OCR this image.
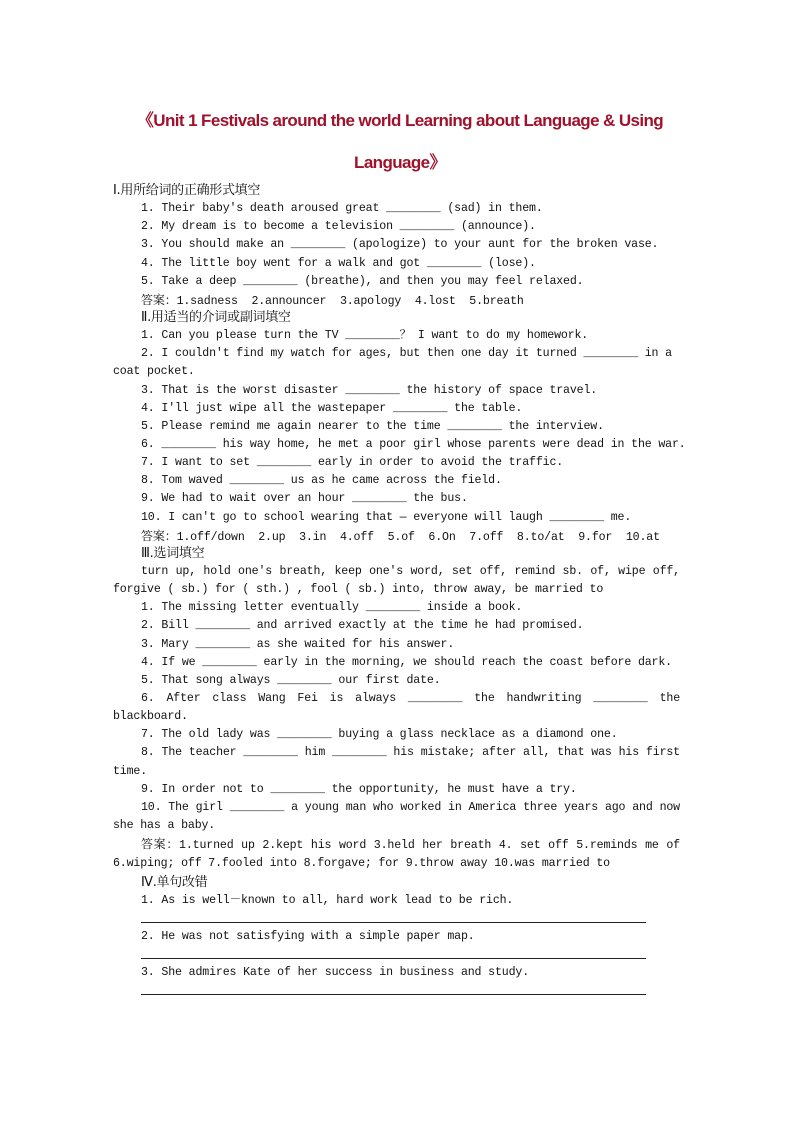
《Unit 1 Festivals around the world Learning about Language & Using
Language》
Ⅰ.用所给词的正确形式填空
1. Their baby's death aroused great ________ (sad) in them.
2. My dream is to become a television ________ (announce).
3. You should make an ________ (apologize) to your aunt for the broken vase.
4. The little boy went for a walk and got ________ (lose).
5. Take a deep ________ (breathe), and then you may feel relaxed.
答案：1.sadness  2.announcer  3.apology  4.lost  5.breath
Ⅱ.用适当的介词或副词填空
1. Can you please turn the TV ________？ I want to do my homework.
2. I couldn't find my watch for ages, but then one day it turned ________ in a
coat pocket.
3. That is the worst disaster ________ the history of space travel.
4. I'll just wipe all the wastepaper ________ the table.
5. Please remind me again nearer to the time ________ the interview.
6. ________ his way home, he met a poor girl whose parents were dead in the war.
7. I want to set ________ early in order to avoid the traffic.
8. Tom waved ________ us as he came across the field.
9. We had to wait over an hour ________ the bus.
10. I can't go to school wearing that — everyone will laugh ________ me.
答案：1.off/down  2.up  3.in  4.off  5.of  6.On  7.off  8.to/at  9.for  10.at
Ⅲ.选词填空
turn up, hold one's breath, keep one's word, set off, remind sb. of, wipe off, forgive ( sb.) for ( sth.) , fool ( sb.) into, throw away, be married to
1. The missing letter eventually ________ inside a book.
2. Bill ________ and arrived exactly at the time he had promised.
3. Mary ________ as she waited for his answer.
4. If we ________ early in the morning, we should reach the coast before dark.
5. That song always ________ our first date.
6. After class Wang Fei is always ________ the handwriting ________ the blackboard.
7. The old lady was ________ buying a glass necklace as a diamond one.
8. The teacher ________ him ________ his mistake; after all, that was his first time.
9. In order not to ________ the opportunity, he must have a try.
10. The girl ________ a young man who worked in America three years ago and now she has a baby.
答案：1.turned up 2.kept his word 3.held her breath 4. set off 5.reminds me of 6.wiping; off 7.fooled into 8.forgave; for 9.throw away 10.was married to
Ⅳ.单句改错
1. As is well－known to all, hard work lead to be rich.
2. He was not satisfying with a simple paper map.
3. She admires Kate of her success in business and study.
